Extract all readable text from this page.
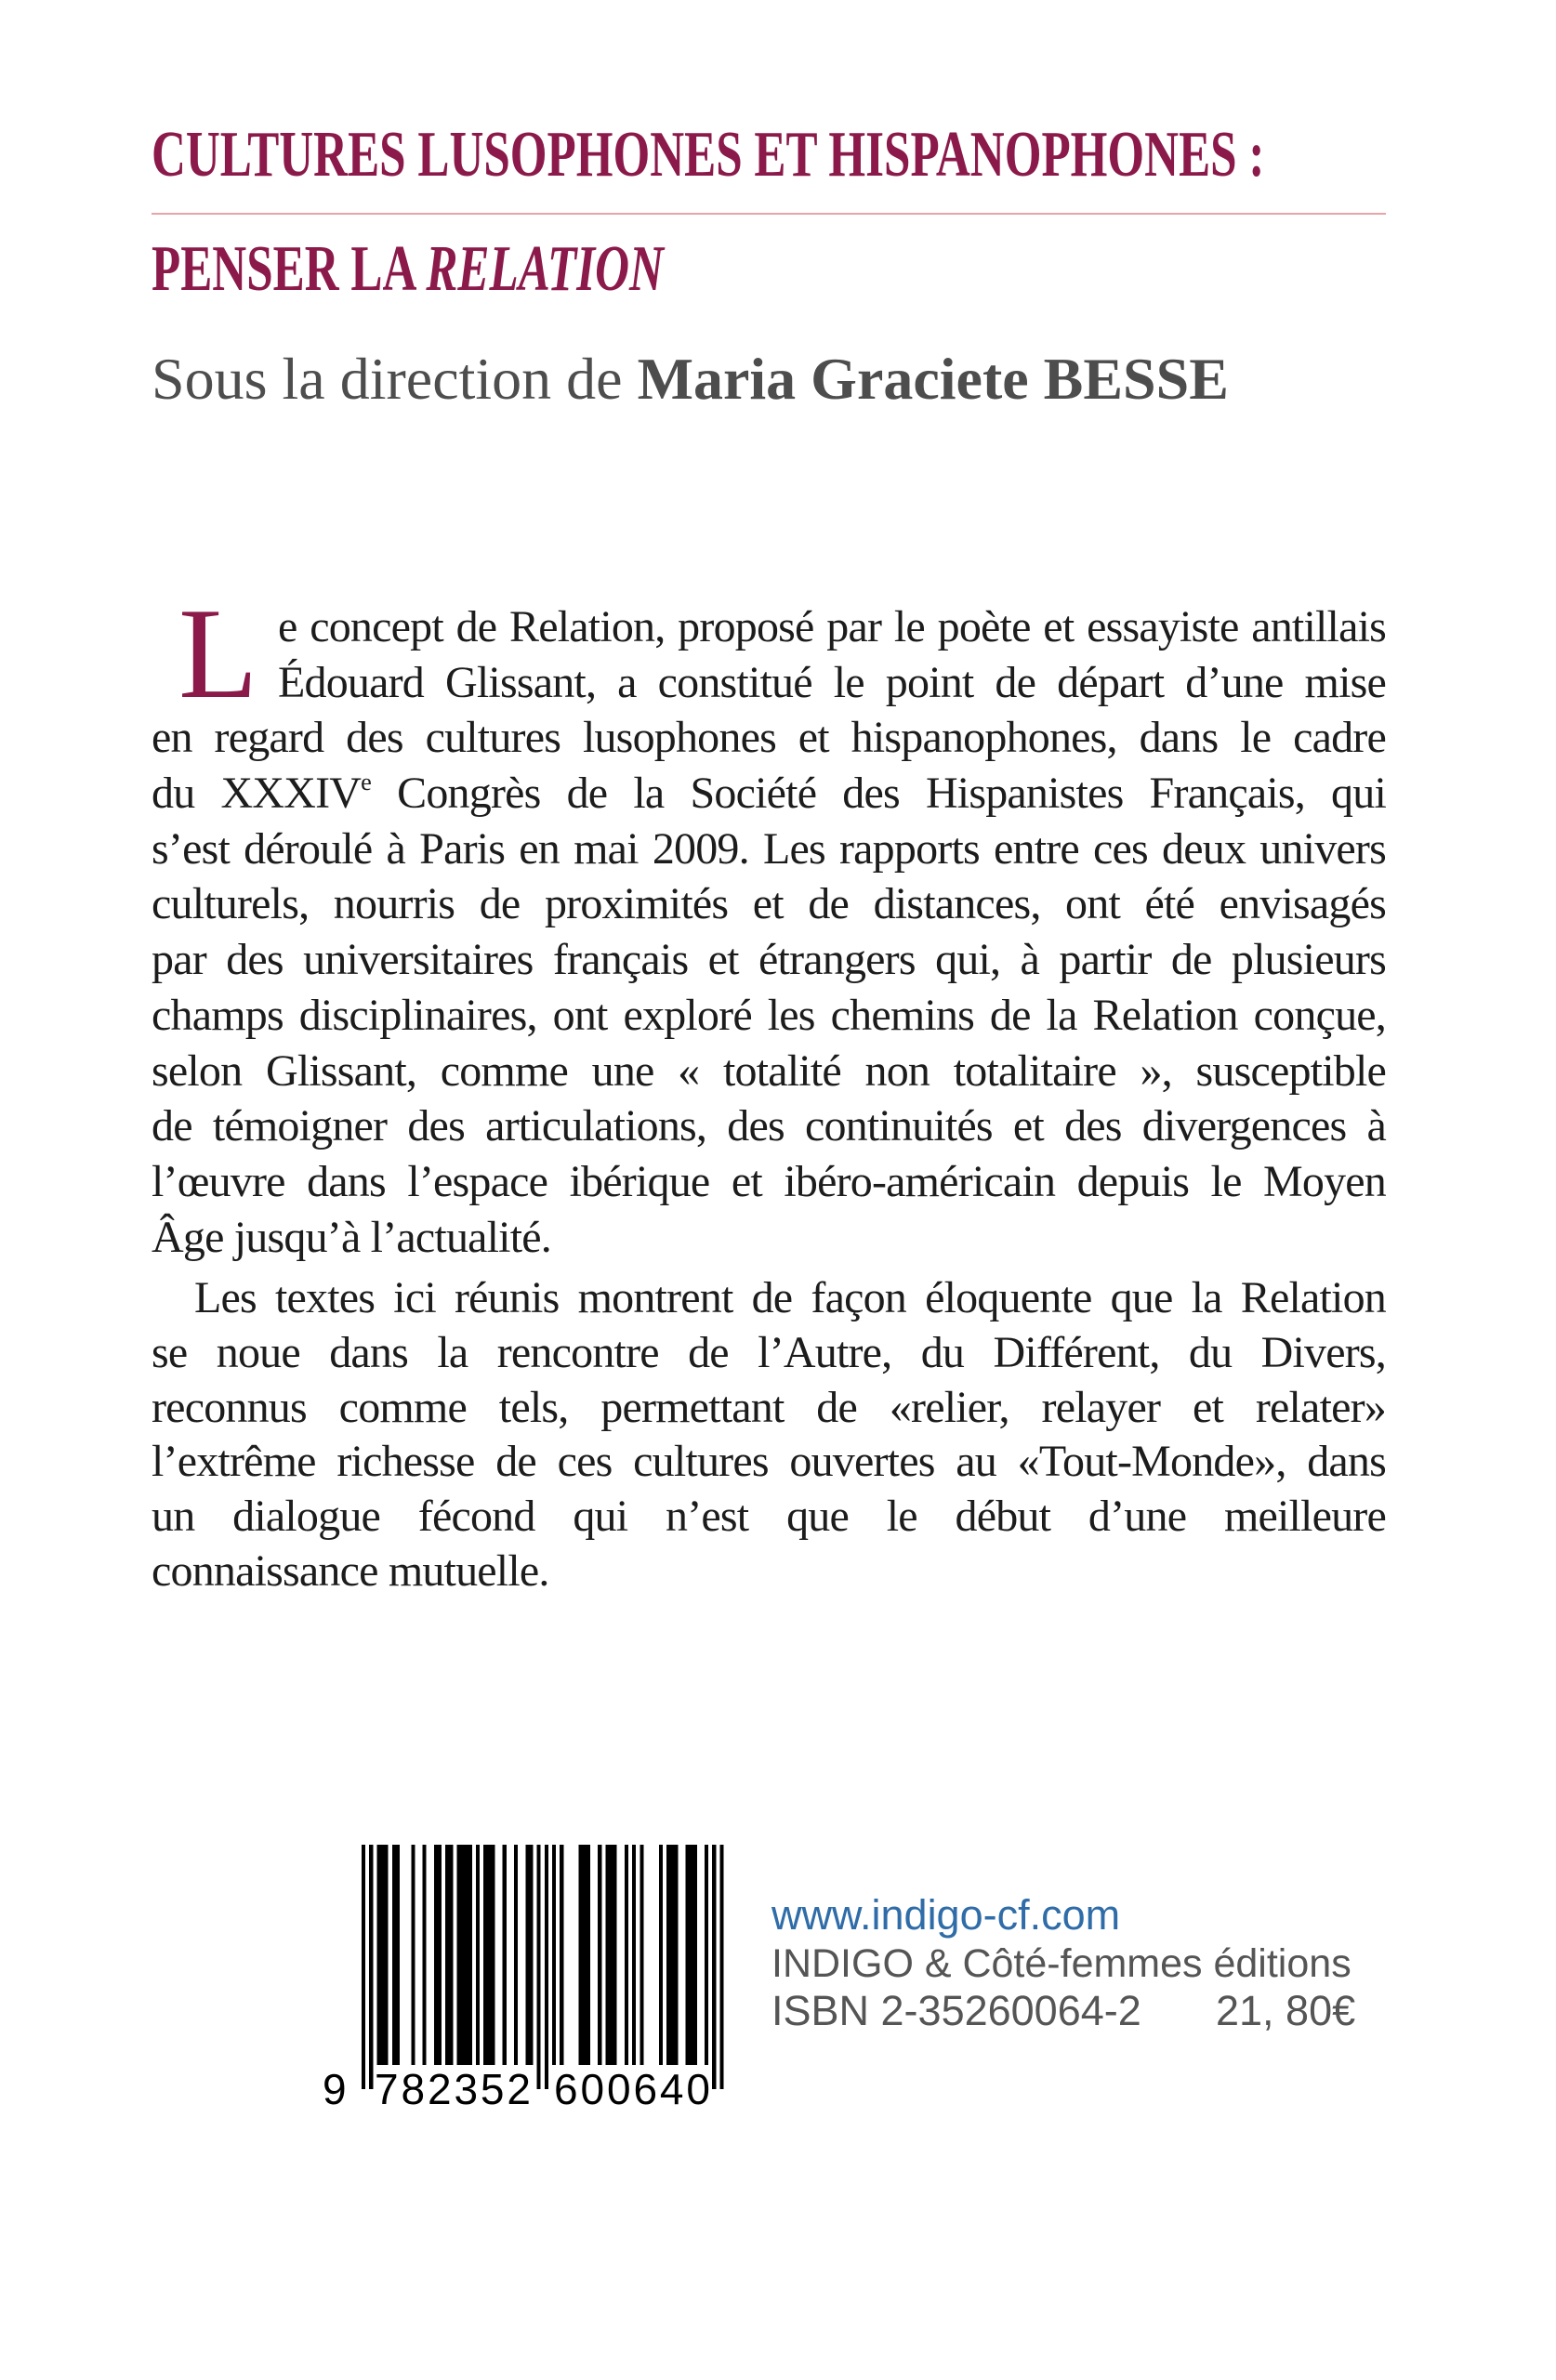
CULTURES LUSOPHONES ET HISPANOPHONES :
PENSER LA RELATION
Sous la direction de Maria Graciete BESSE
L e concept de Relation, proposé par le poète et essayiste antillais
Édouard Glissant, a constitué le point de départ d’une mise
en regard des cultures lusophones et hispanophones, dans le cadre
du XXXIVe Congrès de la Société des Hispanistes Français, qui
s’est déroulé à Paris en mai 2009. Les rapports entre ces deux univers
culturels, nourris de proximités et de distances, ont été envisagés
par des universitaires français et étrangers qui, à partir de plusieurs
champs disciplinaires, ont exploré les chemins de la Relation conçue,
selon Glissant, comme une « totalité non totalitaire », susceptible
de témoigner des articulations, des continuités et des divergences à
l’œuvre dans l’espace ibérique et ibéro-américain depuis le Moyen
Âge jusqu’à l’actualité.
Les textes ici réunis montrent de façon éloquente que la Relation
se noue dans la rencontre de l’Autre, du Différent, du Divers,
reconnus comme tels, permettant de «relier, relayer et relater»
l’extrême richesse de ces cultures ouvertes au «Tout-Monde», dans
un dialogue fécond qui n’est que le début d’une meilleure
connaissance mutuelle.
9 782352 600640
www.indigo-cf.com
INDIGO & Côté-femmes éditions
ISBN 2-35260064-2 21, 80€
